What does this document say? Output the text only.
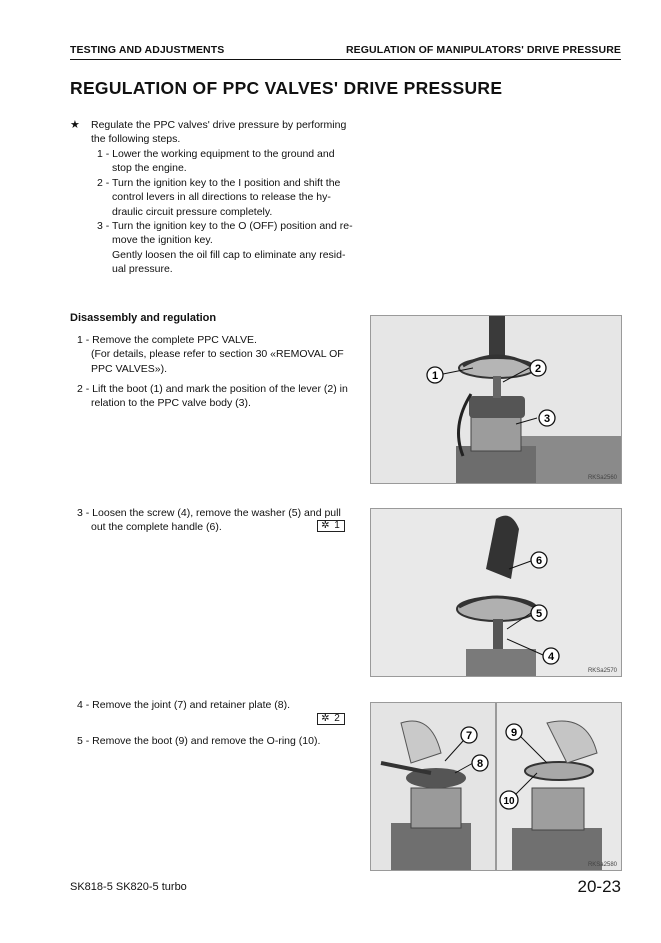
TESTING AND ADJUSTMENTS	REGULATION OF MANIPULATORS' DRIVE PRESSURE
REGULATION OF PPC VALVES' DRIVE PRESSURE
★ Regulate the PPC valves' drive pressure by performing
the following steps.
1 - Lower the working equipment to the ground and
stop the engine.
2 - Turn the ignition key to the I position and shift the
control levers in all directions to release the hy-
draulic circuit pressure completely.
3 - Turn the ignition key to the O (OFF) position and re-
move the ignition key.
Gently loosen the oil fill cap to eliminate any resid-
ual pressure.
Disassembly and regulation
1 - Remove the complete PPC VALVE.
(For details, please refer to section 30 «REMOVAL OF
PPC VALVES»).
2 - Lift the boot (1) and mark the position of the lever (2) in
relation to the PPC valve body (3).
3 - Loosen the screw (4), remove the washer (5) and pull
out the complete handle (6).	✲ 1
4 - Remove the joint (7) and retainer plate (8).
✲ 2
5 - Remove the boot (9) and remove the O-ring (10).
1
2
3
RKSa2560
6
5
4
RKSa2570
7
8
9
10
RKSa2580
SK818-5 SK820-5 turbo	20-23
